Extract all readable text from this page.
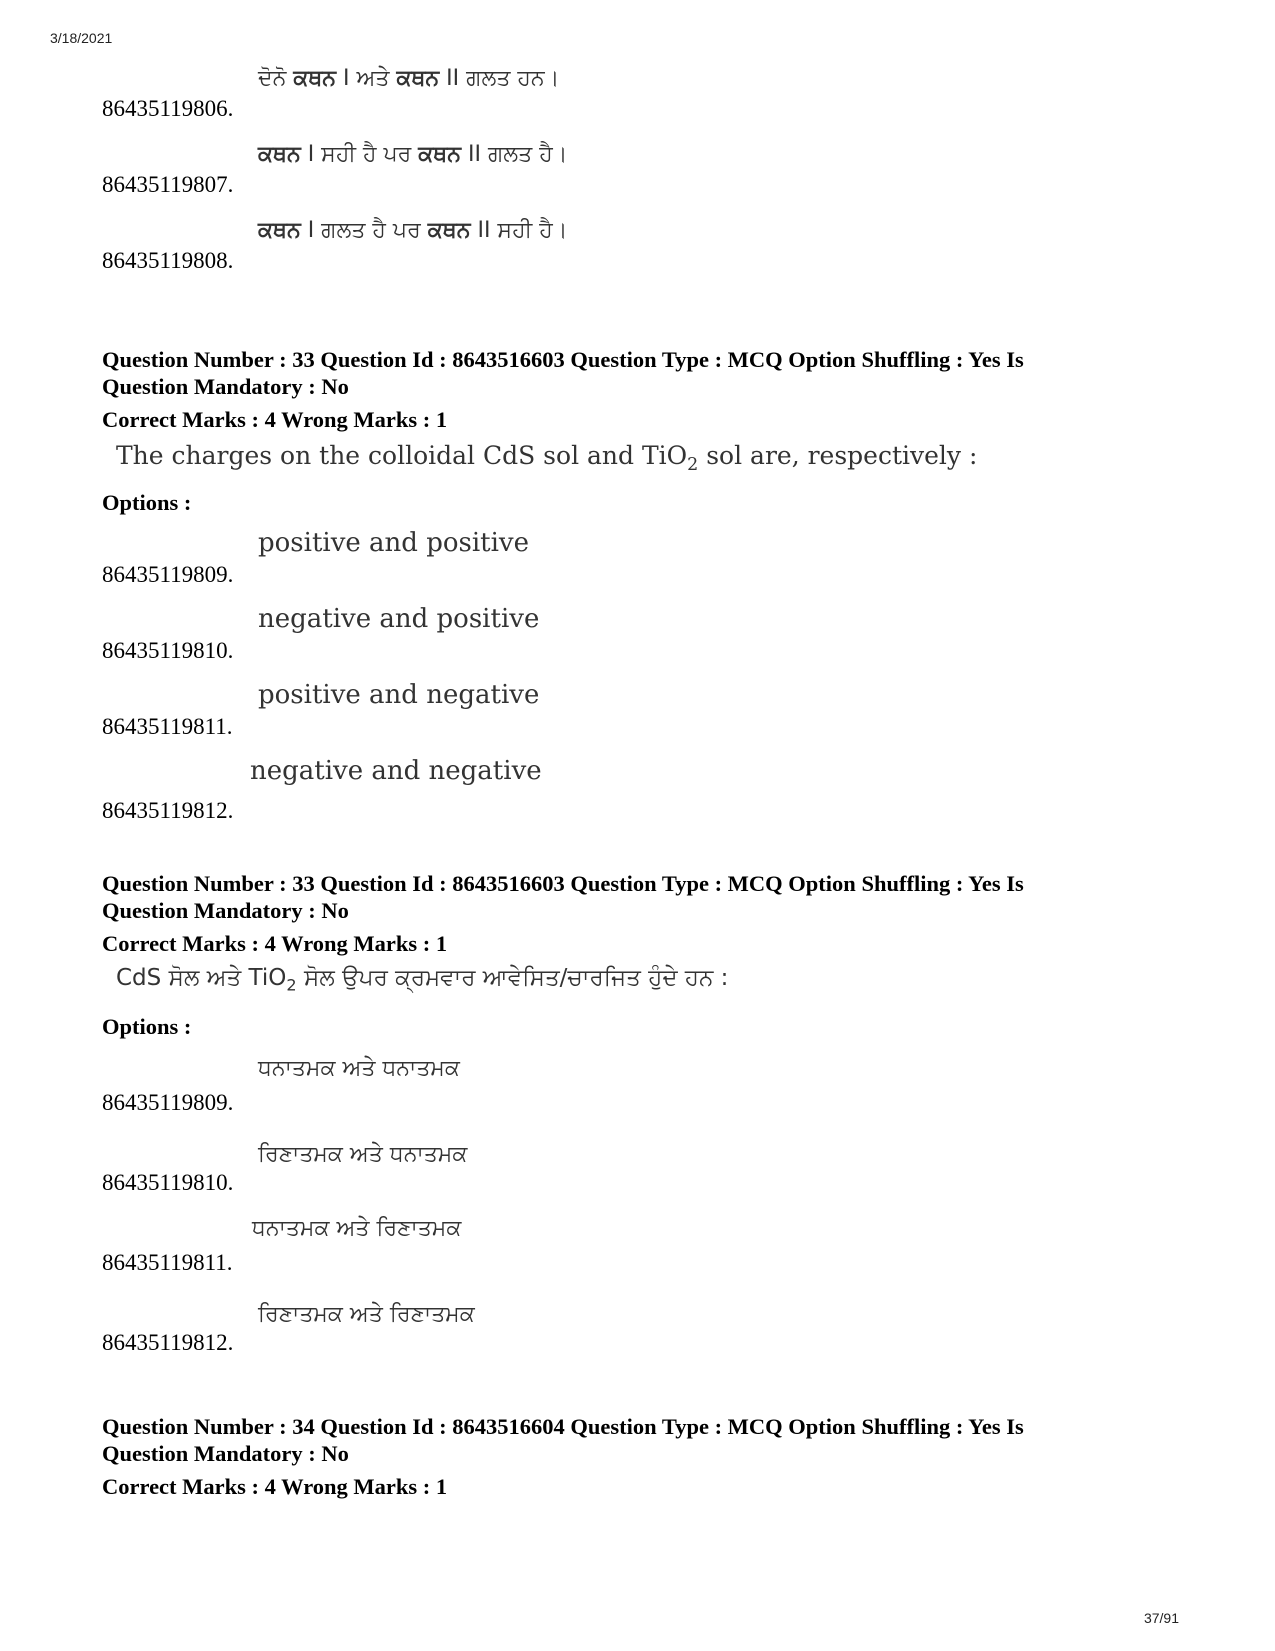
3/18/2021
86435119806.
ਦੋਨੋ ਕਥਨ I ਅਤੇ ਕਥਨ II ਗਲਤ ਹਨ।
86435119807.
ਕਥਨ I ਸਹੀ ਹੈ ਪਰ ਕਥਨ II ਗਲਤ ਹੈ।
86435119808.
ਕਥਨ I ਗਲਤ ਹੈ ਪਰ ਕਥਨ II ਸਹੀ ਹੈ।
Question Number : 33 Question Id : 8643516603 Question Type : MCQ Option Shuffling : Yes Is
Question Mandatory : No
Correct Marks : 4 Wrong Marks : 1
The charges on the colloidal CdS sol and TiO$_2$ sol are, respectively :
Options :
86435119809.
positive and positive
86435119810.
negative and positive
86435119811.
positive and negative
86435119812.
negative and negative
Question Number : 33 Question Id : 8643516603 Question Type : MCQ Option Shuffling : Yes Is
Question Mandatory : No
Correct Marks : 4 Wrong Marks : 1
CdS ਸੋਲ ਅਤੇ TiO$_2$ ਸੋਲ ਉਪਰ ਕ੍ਰਮਵਾਰ ਆਵੇਸਿਤ/ਚਾਰਜਿਤ ਹੁੰਦੇ ਹਨ :
Options :
86435119809.
ਧਨਾਤਮਕ ਅਤੇ ਧਨਾਤਮਕ
86435119810.
ਰਿਣਾਤਮਕ ਅਤੇ ਧਨਾਤਮਕ
86435119811.
ਧਨਾਤਮਕ ਅਤੇ ਰਿਣਾਤਮਕ
86435119812.
ਰਿਣਾਤਮਕ ਅਤੇ ਰਿਣਾਤਮਕ
Question Number : 34 Question Id : 8643516604 Question Type : MCQ Option Shuffling : Yes Is
Question Mandatory : No
Correct Marks : 4 Wrong Marks : 1
37/91
